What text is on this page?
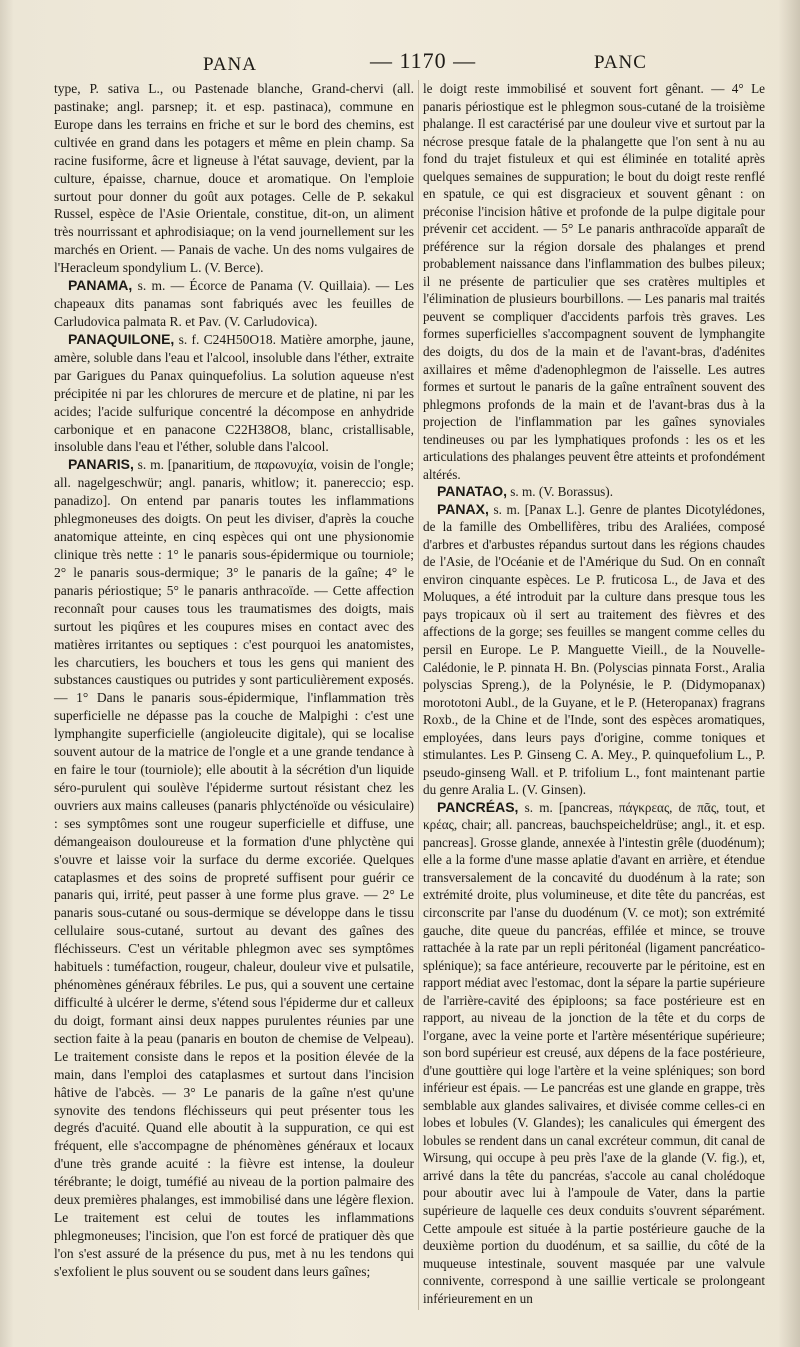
PANA	— 1170 —	PANC

type, P. sativa L., ou Pastenade blanche, Grand-chervi (all. pastinake; angl. parsnep; it. et esp. pastinaca), commune en Europe dans les terrains en friche et sur le bord des chemins, est cultivée en grand dans les potagers et même en plein champ. Sa racine fusiforme, âcre et ligneuse à l'état sauvage, devient, par la culture, épaisse, charnue, douce et aromatique. On l'emploie surtout pour donner du goût aux potages. Celle de P. sekakul Russel, espèce de l'Asie Orientale, constitue, dit-on, un aliment très nourrissant et aphrodisiaque; on la vend journellement sur les marchés en Orient. — Panais de vache. Un des noms vulgaires de l'Heracleum spondylium L. (V. Berce).

PANAMA, s. m. — Écorce de Panama (V. Quillaia). — Les chapeaux dits panamas sont fabriqués avec les feuilles de Carludovica palmata R. et Pav. (V. Carludovica).

PANAQUILONE, s. f. C24H50O18. Matière amorphe, jaune, amère, soluble dans l'eau et l'alcool, insoluble dans l'éther, extraite par Garigues du Panax quinquefolius. La solution aqueuse n'est précipitée ni par les chlorures de mercure et de platine, ni par les acides; l'acide sulfurique concentré la décompose en anhydride carbonique et en panacone C22H38O8, blanc, cristallisable, insoluble dans l'eau et l'éther, soluble dans l'alcool.

PANARIS, s. m. [panaritium, de παρωνυχία, voisin de l'ongle; all. nagelgeschwür; angl. panaris, whitlow; it. panereccio; esp. panadizo]. On entend par panaris toutes les inflammations phlegmoneuses des doigts. On peut les diviser, d'après la couche anatomique atteinte, en cinq espèces qui ont une physionomie clinique très nette : 1° le panaris sous-épidermique ou tourniole; 2° le panaris sous-dermique; 3° le panaris de la gaîne; 4° le panaris périostique; 5° le panaris anthracoïde. — Cette affection reconnaît pour causes tous les traumatismes des doigts, mais surtout les piqûres et les coupures mises en contact avec des matières irritantes ou septiques : c'est pourquoi les anatomistes, les charcutiers, les bouchers et tous les gens qui manient des substances caustiques ou putrides y sont particulièrement exposés. — 1° Dans le panaris sous-épidermique, l'inflammation très superficielle ne dépasse pas la couche de Malpighi : c'est une lymphangite superficielle (angioleucite digitale), qui se localise souvent autour de la matrice de l'ongle et a une grande tendance à en faire le tour (tourniole); elle aboutit à la sécrétion d'un liquide séro-purulent qui soulève l'épiderme surtout résistant chez les ouvriers aux mains calleuses (panaris phlycténoïde ou vésiculaire) : ses symptômes sont une rougeur superficielle et diffuse, une démangeaison douloureuse et la formation d'une phlyctène qui s'ouvre et laisse voir la surface du derme excoriée. Quelques cataplasmes et des soins de propreté suffisent pour guérir ce panaris qui, irrité, peut passer à une forme plus grave. — 2° Le panaris sous-cutané ou sous-dermique se développe dans le tissu cellulaire sous-cutané, surtout au devant des gaînes des fléchisseurs. C'est un véritable phlegmon avec ses symptômes habituels : tuméfaction, rougeur, chaleur, douleur vive et pulsatile, phénomènes généraux fébriles. Le pus, qui a souvent une certaine difficulté à ulcérer le derme, s'étend sous l'épiderme dur et calleux du doigt, formant ainsi deux nappes purulentes réunies par une section faite à la peau (panaris en bouton de chemise de Velpeau). Le traitement consiste dans le repos et la position élevée de la main, dans l'emploi des cataplasmes et surtout dans l'incision hâtive de l'abcès. — 3° Le panaris de la gaîne n'est qu'une synovite des tendons fléchisseurs qui peut présenter tous les degrés d'acuité. Quand elle aboutit à la suppuration, ce qui est fréquent, elle s'accompagne de phénomènes généraux et locaux d'une très grande acuité : la fièvre est intense, la douleur térébrante; le doigt, tuméfié au niveau de la portion palmaire des deux premières phalanges, est immobilisé dans une légère flexion. Le traitement est celui de toutes les inflammations phlegmoneuses; l'incision, que l'on est forcé de pratiquer dès que l'on s'est assuré de la présence du pus, met à nu les tendons qui s'exfolient le plus souvent ou se soudent dans leurs gaînes;

le doigt reste immobilisé et souvent fort gênant. — 4° Le panaris périostique est le phlegmon sous-cutané de la troisième phalange. Il est caractérisé par une douleur vive et surtout par la nécrose presque fatale de la phalangette que l'on sent à nu au fond du trajet fistuleux et qui est éliminée en totalité après quelques semaines de suppuration; le bout du doigt reste renflé en spatule, ce qui est disgracieux et souvent gênant : on préconise l'incision hâtive et profonde de la pulpe digitale pour prévenir cet accident. — 5° Le panaris anthracoïde apparaît de préférence sur la région dorsale des phalanges et prend probablement naissance dans l'inflammation des bulbes pileux; il ne présente de particulier que ses cratères multiples et l'élimination de plusieurs bourbillons. — Les panaris mal traités peuvent se compliquer d'accidents parfois très graves. Les formes superficielles s'accompagnent souvent de lymphangite des doigts, du dos de la main et de l'avant-bras, d'adénites axillaires et même d'adenophlegmon de l'aisselle. Les autres formes et surtout le panaris de la gaîne entraînent souvent des phlegmons profonds de la main et de l'avant-bras dus à la projection de l'inflammation par les gaînes synoviales tendineuses ou par les lymphatiques profonds : les os et les articulations des phalanges peuvent être atteints et profondément altérés.

PANATAO, s. m. (V. Borassus).

PANAX, s. m. [Panax L.]. Genre de plantes Dicotylédones, de la famille des Ombellifères, tribu des Araliées, composé d'arbres et d'arbustes répandus surtout dans les régions chaudes de l'Asie, de l'Océanie et de l'Amérique du Sud. On en connaît environ cinquante espèces. Le P. fruticosa L., de Java et des Moluques, a été introduit par la culture dans presque tous les pays tropicaux où il sert au traitement des fièvres et des affections de la gorge; ses feuilles se mangent comme celles du persil en Europe. Le P. Manguette Vieill., de la Nouvelle-Calédonie, le P. pinnata H. Bn. (Polyscias pinnata Forst., Aralia polyscias Spreng.), de la Polynésie, le P. (Didymopanax) morototoni Aubl., de la Guyane, et le P. (Heteropanax) fragrans Roxb., de la Chine et de l'Inde, sont des espèces aromatiques, employées, dans leurs pays d'origine, comme toniques et stimulantes. Les P. Ginseng C. A. Mey., P. quinquefolium L., P. pseudo-ginseng Wall. et P. trifolium L., font maintenant partie du genre Aralia L. (V. Ginsen).

PANCRÉAS, s. m. [pancreas, πάγκρεας, de πᾶς, tout, et κρέας, chair; all. pancreas, bauchspeicheldrüse; angl., it. et esp. pancreas]. Grosse glande, annexée à l'intestin grêle (duodénum); elle a la forme d'une masse aplatie d'avant en arrière, et étendue transversalement de la concavité du duodénum à la rate; son extrémité droite, plus volumineuse, et dite tête du pancréas, est circonscrite par l'anse du duodénum (V. ce mot); son extrémité gauche, dite queue du pancréas, effilée et mince, se trouve rattachée à la rate par un repli péritonéal (ligament pancréatico-splénique); sa face antérieure, recouverte par le péritoine, est en rapport médiat avec l'estomac, dont la sépare la partie supérieure de l'arrière-cavité des épiploons; sa face postérieure est en rapport, au niveau de la jonction de la tête et du corps de l'organe, avec la veine porte et l'artère mésentérique supérieure; son bord supérieur est creusé, aux dépens de la face postérieure, d'une gouttière qui loge l'artère et la veine spléniques; son bord inférieur est épais. — Le pancréas est une glande en grappe, très semblable aux glandes salivaires, et divisée comme celles-ci en lobes et lobules (V. Glandes); les canalicules qui émergent des lobules se rendent dans un canal excréteur commun, dit canal de Wirsung, qui occupe à peu près l'axe de la glande (V. fig.), et, arrivé dans la tête du pancréas, s'accole au canal cholédoque pour aboutir avec lui à l'ampoule de Vater, dans la partie supérieure de laquelle ces deux conduits s'ouvrent séparément. Cette ampoule est située à la partie postérieure gauche de la deuxième portion du duodénum, et sa saillie, du côté de la muqueuse intestinale, souvent masquée par une valvule conniventе, correspond à une saillie verticale se prolongeant inférieurement en un
